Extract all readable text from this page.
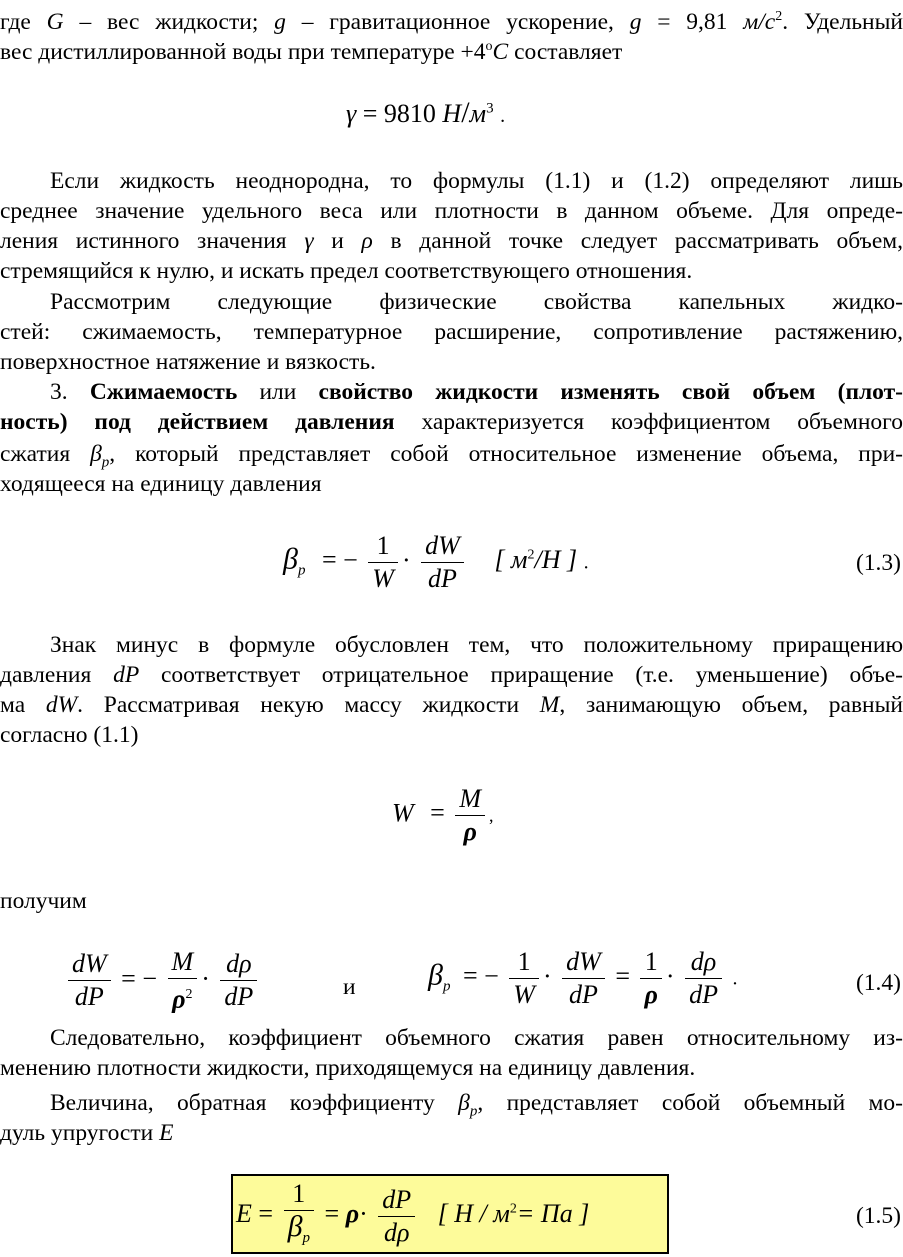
где G – вес жидкости; g – гравитационное ускорение, g = 9,81 $м/с^2$. Удельный
вес дистиллированной воды при температуре $+4^оC$ составляет
γ = 9810 $Н/м^3$ .
Если жидкость неоднородна, то формулы (1.1) и (1.2) определяют лишь
среднее значение удельного веса или плотности в данном объеме. Для опреде-
ления истинного значения γ и ρ в данной точке следует рассматривать объем,
стремящийся к нулю, и искать предел соответствующего отношения.
Рассмотрим следующие физические свойства капельных жидко-
стей: сжимаемость, температурное расширение, сопротивление растяжению,
поверхностное натяжение и вязкость.
3. Сжимаемость или свойство жидкости изменять свой объем (плот-
ность) под действием давления характеризуется коэффициентом объемного
сжатия $\beta_p$, который представляет собой относительное изменение объема, при-
ходящееся на единицу давления
$\beta_p$ = − $\frac{1}{W} \cdot \frac{dW}{dP}$ [ $м^2/Н$ ] .	(1.3)
Знак минус в формуле обусловлен тем, что положительному приращению
давления dP соответствует отрицательное приращение (т.е. уменьшение) объе-
ма dW. Рассматривая некую массу жидкости M, занимающую объем, равный
согласно (1.1)
$W = \frac{M}{\rho}$ ,
получим
$\frac{dW}{dP}$ = − $\frac{M}{\rho^2} \cdot \frac{d\rho}{dP}$	и $\beta_p$ = − $\frac{1}{W} \cdot \frac{dW}{dP} = \frac{1}{\rho} \cdot \frac{d\rho}{dP}$ .	(1.4)
Следовательно, коэффициент объемного сжатия равен относительному из-
менению плотности жидкости, приходящемуся на единицу давления.
Величина, обратная коэффициенту $\beta_p$, представляет собой объемный мо-
дуль упругости E
$E = \frac{1}{\beta_p} = \rho\cdot \frac{dP}{d\rho}$ [ $Н / м^2=$ Па ]	(1.5)
